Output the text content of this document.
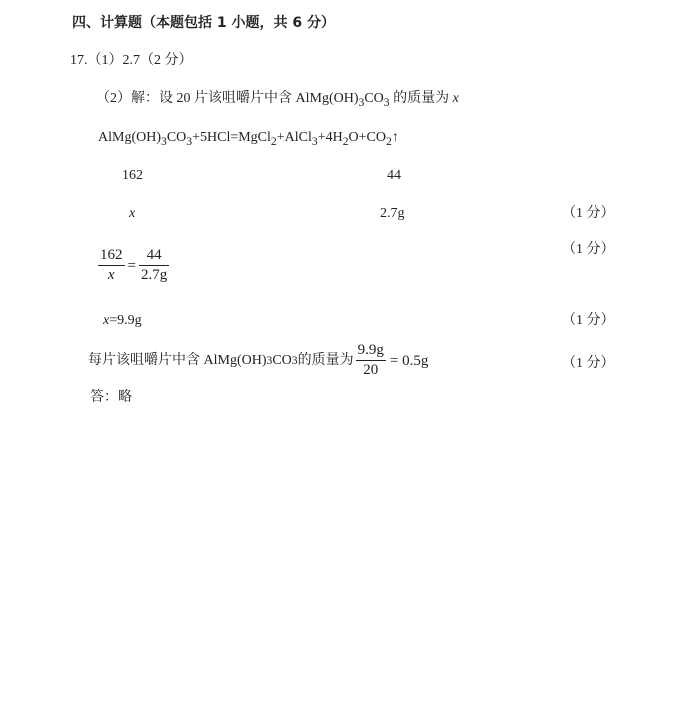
四、计算题（本题包括 1 小题，共 6 分）
17.（1）2.7（2 分）
（2）解：设 20 片该咀嚼片中含 $AlMg(OH)_3CO_3$ 的质量为 x
$AlMg(OH)_3CO_3+5HCl=MgCl_2+AlCl_3+4H_2O+CO_2↑$
162	44
x	2.7g	（1 分）
$\frac{162}{x} = \frac{44}{2.7g}$	（1 分）
x=9.9g	（1 分）
每片该咀嚼片中含 AlMg(OH) 3 CO 3 的质量为 $\frac{9.9g}{20} = 0.5g$	（1 分）
答：略
